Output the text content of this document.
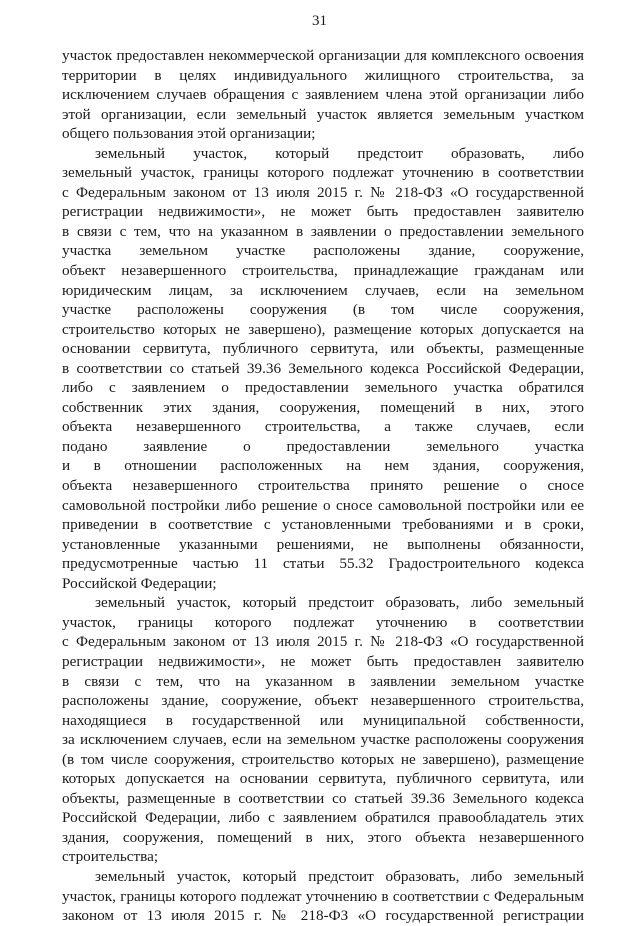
31

участок предоставлен некоммерческой организации для комплексного освоения

территории в целях индивидуального жилищного строительства, за

исключением случаев обращения с заявлением члена этой организации либо

этой организации, если земельный участок является земельным участком

общего пользования этой организации;

земельный участок, который предстоит образовать, либо

земельный участок, границы которого подлежат уточнению в соответствии

с Федеральным законом от 13 июля 2015 г. № 218-ФЗ «О государственной

регистрации недвижимости», не может быть предоставлен заявителю

в связи с тем, что на указанном в заявлении о предоставлении земельного

участка земельном участке расположены здание, сооружение,

объект незавершенного строительства, принадлежащие гражданам или

юридическим лицам, за исключением случаев, если на земельном

участке расположены сооружения (в том числе сооружения,

строительство которых не завершено), размещение которых допускается на

основании сервитута, публичного сервитута, или объекты, размещенные

в соответствии со статьей 39.36 Земельного кодекса Российской Федерации,

либо с заявлением о предоставлении земельного участка обратился

собственник этих здания, сооружения, помещений в них, этого

объекта незавершенного строительства, а также случаев, если

подано заявление о предоставлении земельного участка

и в отношении расположенных на нем здания, сооружения,

объекта незавершенного строительства принято решение о сносе

самовольной постройки либо решение о сносе самовольной постройки или ее

приведении в соответствие с установленными требованиями и в сроки,

установленные указанными решениями, не выполнены обязанности,

предусмотренные частью 11 статьи 55.32 Градостроительного кодекса

Российской Федерации;

земельный участок, который предстоит образовать, либо земельный

участок, границы которого подлежат уточнению в соответствии

с Федеральным законом от 13 июля 2015 г. № 218-ФЗ «О государственной

регистрации недвижимости», не может быть предоставлен заявителю

в связи с тем, что на указанном в заявлении земельном участке

расположены здание, сооружение, объект незавершенного строительства,

находящиеся в государственной или муниципальной собственности,

за исключением случаев, если на земельном участке расположены сооружения

(в том числе сооружения, строительство которых не завершено), размещение

которых допускается на основании сервитута, публичного сервитута, или

объекты, размещенные в соответствии со статьей 39.36 Земельного кодекса

Российской Федерации, либо с заявлением обратился правообладатель этих

здания, сооружения, помещений в них, этого объекта незавершенного

строительства;

земельный участок, который предстоит образовать, либо земельный

участок, границы которого подлежат уточнению в соответствии с Федеральным

законом от 13 июля 2015 г. № 218-ФЗ «О государственной регистрации
